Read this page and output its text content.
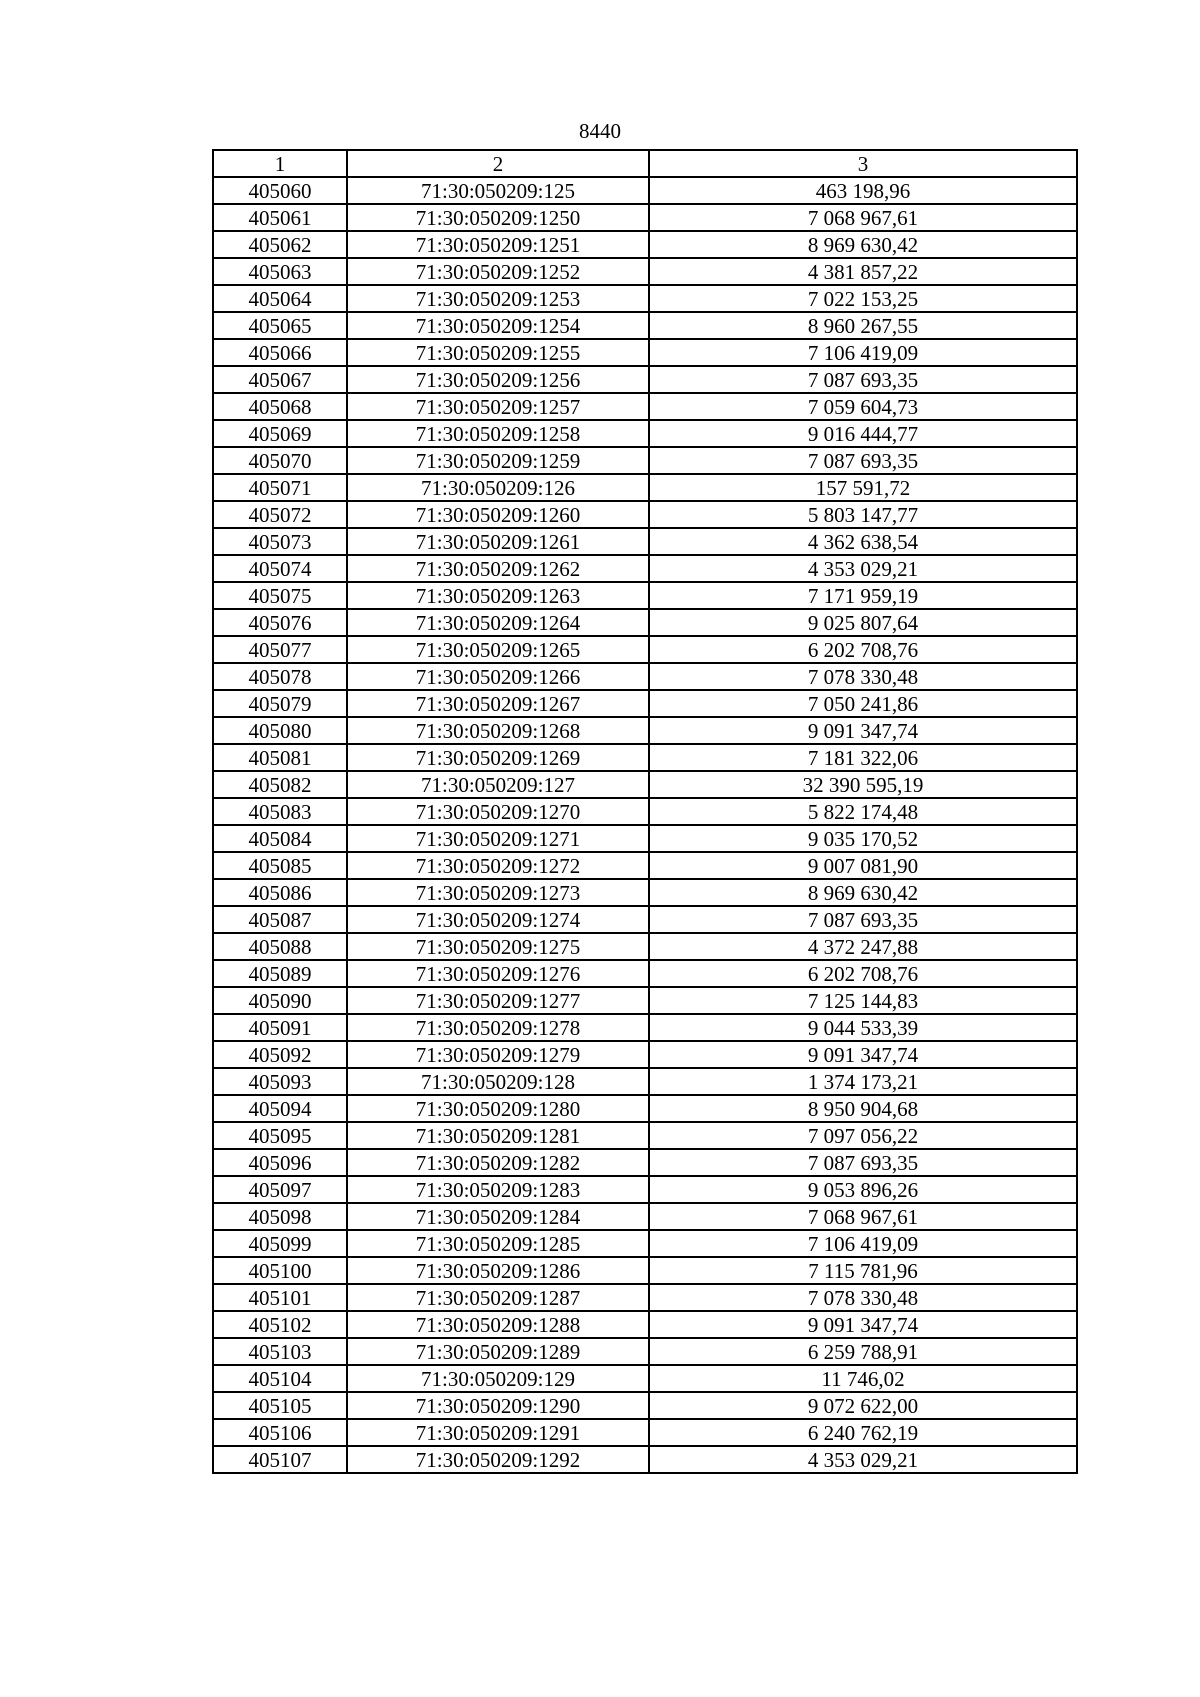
8440
1	2	3
405060	71:30:050209:125	463 198,96
405061	71:30:050209:1250	7 068 967,61
405062	71:30:050209:1251	8 969 630,42
405063	71:30:050209:1252	4 381 857,22
405064	71:30:050209:1253	7 022 153,25
405065	71:30:050209:1254	8 960 267,55
405066	71:30:050209:1255	7 106 419,09
405067	71:30:050209:1256	7 087 693,35
405068	71:30:050209:1257	7 059 604,73
405069	71:30:050209:1258	9 016 444,77
405070	71:30:050209:1259	7 087 693,35
405071	71:30:050209:126	157 591,72
405072	71:30:050209:1260	5 803 147,77
405073	71:30:050209:1261	4 362 638,54
405074	71:30:050209:1262	4 353 029,21
405075	71:30:050209:1263	7 171 959,19
405076	71:30:050209:1264	9 025 807,64
405077	71:30:050209:1265	6 202 708,76
405078	71:30:050209:1266	7 078 330,48
405079	71:30:050209:1267	7 050 241,86
405080	71:30:050209:1268	9 091 347,74
405081	71:30:050209:1269	7 181 322,06
405082	71:30:050209:127	32 390 595,19
405083	71:30:050209:1270	5 822 174,48
405084	71:30:050209:1271	9 035 170,52
405085	71:30:050209:1272	9 007 081,90
405086	71:30:050209:1273	8 969 630,42
405087	71:30:050209:1274	7 087 693,35
405088	71:30:050209:1275	4 372 247,88
405089	71:30:050209:1276	6 202 708,76
405090	71:30:050209:1277	7 125 144,83
405091	71:30:050209:1278	9 044 533,39
405092	71:30:050209:1279	9 091 347,74
405093	71:30:050209:128	1 374 173,21
405094	71:30:050209:1280	8 950 904,68
405095	71:30:050209:1281	7 097 056,22
405096	71:30:050209:1282	7 087 693,35
405097	71:30:050209:1283	9 053 896,26
405098	71:30:050209:1284	7 068 967,61
405099	71:30:050209:1285	7 106 419,09
405100	71:30:050209:1286	7 115 781,96
405101	71:30:050209:1287	7 078 330,48
405102	71:30:050209:1288	9 091 347,74
405103	71:30:050209:1289	6 259 788,91
405104	71:30:050209:129	11 746,02
405105	71:30:050209:1290	9 072 622,00
405106	71:30:050209:1291	6 240 762,19
405107	71:30:050209:1292	4 353 029,21
